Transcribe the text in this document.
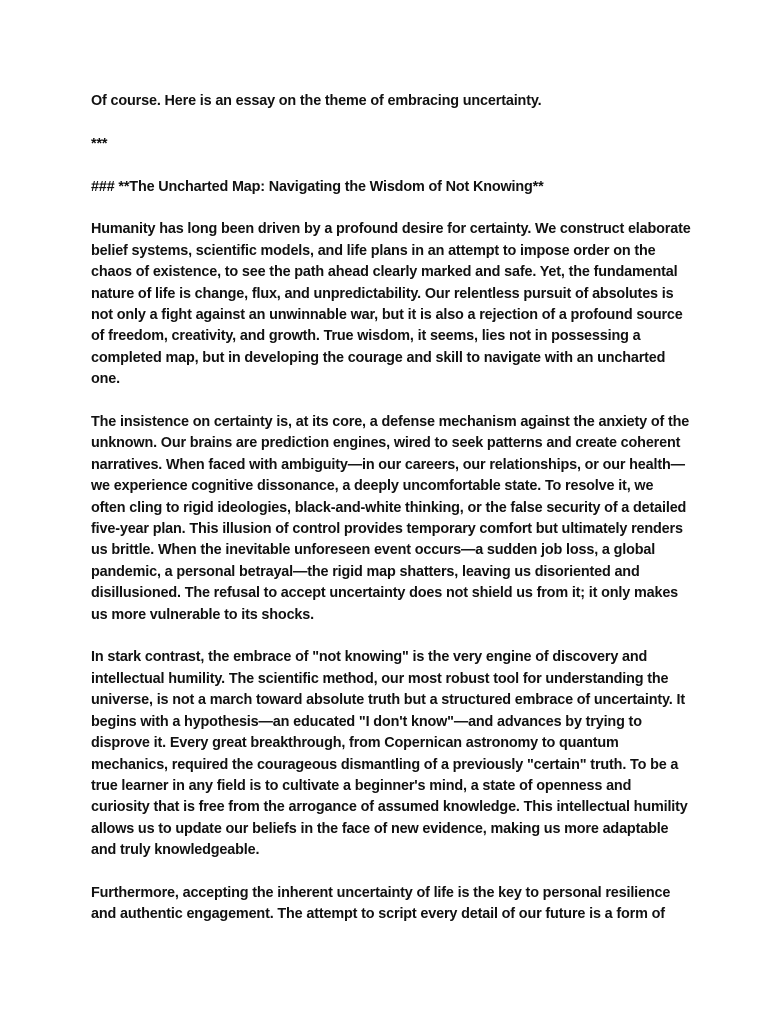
Of course. Here is an essay on the theme of embracing uncertainty.

***

### **The Uncharted Map: Navigating the Wisdom of Not Knowing**

Humanity has long been driven by a profound desire for certainty. We construct elaborate belief systems, scientific models, and life plans in an attempt to impose order on the chaos of existence, to see the path ahead clearly marked and safe. Yet, the fundamental nature of life is change, flux, and unpredictability. Our relentless pursuit of absolutes is not only a fight against an unwinnable war, but it is also a rejection of a profound source of freedom, creativity, and growth. True wisdom, it seems, lies not in possessing a completed map, but in developing the courage and skill to navigate with an uncharted one.

The insistence on certainty is, at its core, a defense mechanism against the anxiety of the unknown. Our brains are prediction engines, wired to seek patterns and create coherent narratives. When faced with ambiguity—in our careers, our relationships, or our health—we experience cognitive dissonance, a deeply uncomfortable state. To resolve it, we often cling to rigid ideologies, black-and-white thinking, or the false security of a detailed five-year plan. This illusion of control provides temporary comfort but ultimately renders us brittle. When the inevitable unforeseen event occurs—a sudden job loss, a global pandemic, a personal betrayal—the rigid map shatters, leaving us disoriented and disillusioned. The refusal to accept uncertainty does not shield us from it; it only makes us more vulnerable to its shocks.

In stark contrast, the embrace of "not knowing" is the very engine of discovery and intellectual humility. The scientific method, our most robust tool for understanding the universe, is not a march toward absolute truth but a structured embrace of uncertainty. It begins with a hypothesis—an educated "I don't know"—and advances by trying to disprove it. Every great breakthrough, from Copernican astronomy to quantum mechanics, required the courageous dismantling of a previously "certain" truth. To be a true learner in any field is to cultivate a beginner's mind, a state of openness and curiosity that is free from the arrogance of assumed knowledge. This intellectual humility allows us to update our beliefs in the face of new evidence, making us more adaptable and truly knowledgeable.

Furthermore, accepting the inherent uncertainty of life is the key to personal resilience and authentic engagement. The attempt to script every detail of our future is a form of
